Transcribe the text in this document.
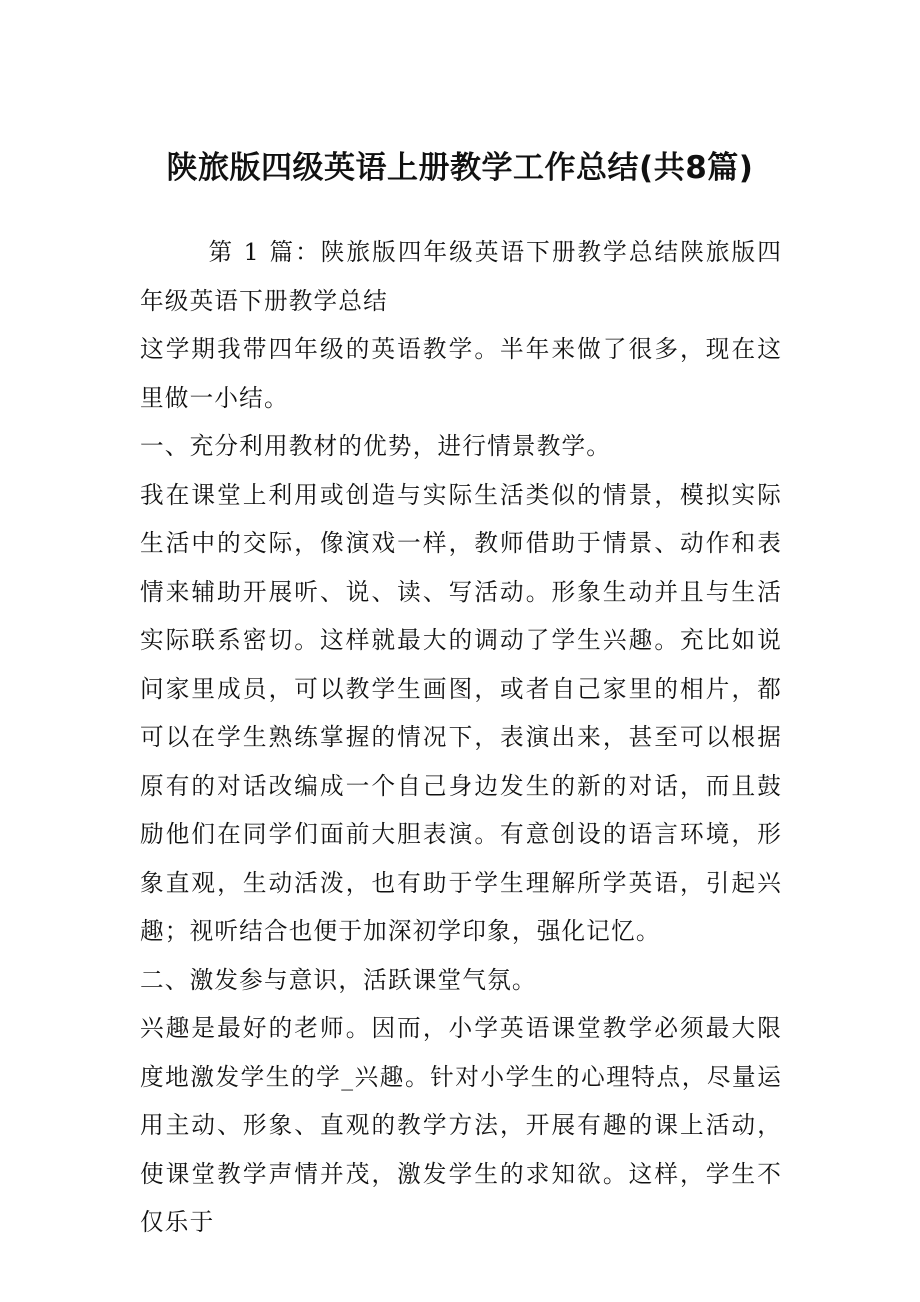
陕旅版四级英语上册教学工作总结(共8篇)

第 1 篇：陕旅版四年级英语下册教学总结陕旅版四年级英语下册教学总结

这学期我带四年级的英语教学。半年来做了很多，现在这里做一小结。

一、充分利用教材的优势，进行情景教学。

我在课堂上利用或创造与实际生活类似的情景，模拟实际生活中的交际，像演戏一样，教师借助于情景、动作和表情来辅助开展听、说、读、写活动。形象生动并且与生活实际联系密切。这样就最大的调动了学生兴趣。充比如说问家里成员，可以教学生画图，或者自己家里的相片，都可以在学生熟练掌握的情况下，表演出来，甚至可以根据原有的对话改编成一个自己身边发生的新的对话，而且鼓励他们在同学们面前大胆表演。有意创设的语言环境，形象直观，生动活泼，也有助于学生理解所学英语，引起兴趣；视听结合也便于加深初学印象，强化记忆。

二、激发参与意识，活跃课堂气氛。

兴趣是最好的老师。因而，小学英语课堂教学必须最大限度地激发学生的学_兴趣。针对小学生的心理特点，尽量运用主动、形象、直观的教学方法，开展有趣的课上活动，使课堂教学声情并茂，激发学生的求知欲。这样，学生不仅乐于
